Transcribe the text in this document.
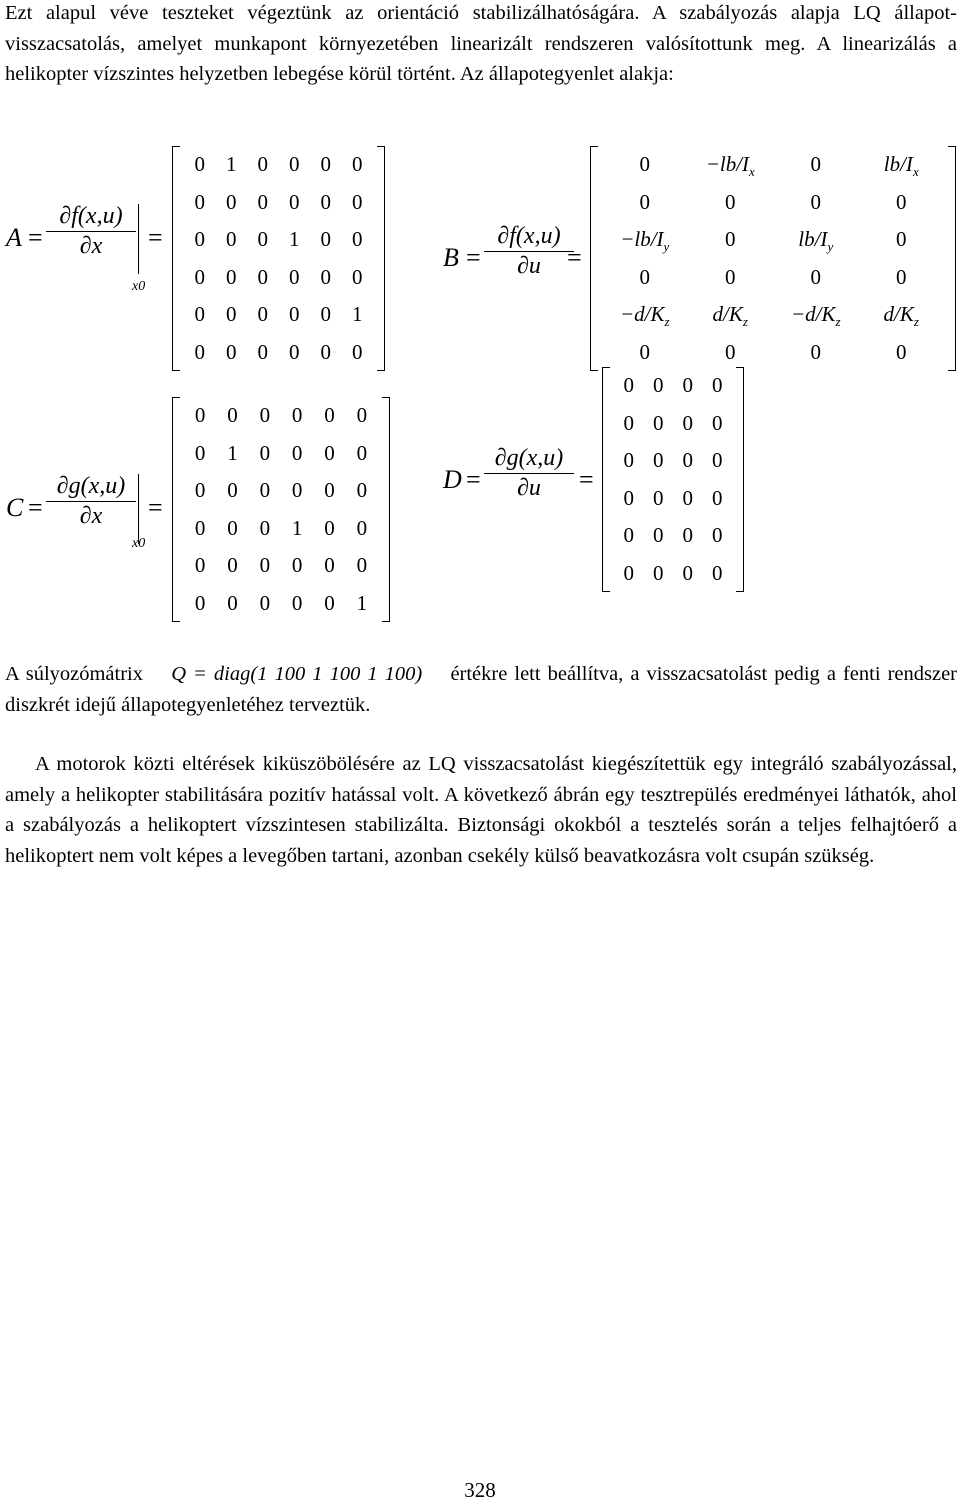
Ezt alapul véve teszteket végeztünk az orientáció stabilizálhatóságára. A szabályozás alapja LQ állapot-visszacsatolás, amelyet munkapont környezetében linearizált rendszeren valósítottunk meg. A linearizálás a helikopter vízszintes helyzetben lebegése körül történt. Az állapotegyenlet alakja:

A =
∂f(x,u)
∂x
x0
=
0	1	0	0	0	0
0	0	0	0	0	0
0	0	0	1	0	0
0	0	0	0	0	0
0	0	0	0	0	1
0	0	0	0	0	0
B =
∂f(x,u)
∂u	=
0	$-lb/I_x$	0	$lb/I_x$
0	0	0	0
$-lb/I_y$	0	$lb/I_y$	0
0	0	0	0
$-d/K_z$	$d/K_z$	$-d/K_z$	$d/K_z$
0	0	0	0
C =
∂g(x,u)
∂x
x0
=
0	0	0	0	0	0
0	1	0	0	0	0
0	0	0	0	0	0
0	0	0	1	0	0
0	0	0	0	0	0
0	0	0	0	0	1
D =
∂g(x,u)
∂u	=
0 0 0 0
0 0 0 0
0 0 0 0
0 0 0 0
0 0 0 0
0 0 0 0

A súlyozómátrix Q = diag(1 100 1 100 1 100) értékre lett beállítva, a visszacsatolást pedig a fenti rendszer diszkrét idejű állapotegyenletéhez terveztük.

A motorok közti eltérések kiküszöbölésére az LQ visszacsatolást kiegészítettük egy integráló szabályozással, amely a helikopter stabilitására pozitív hatással volt. A következő ábrán egy tesztrepülés eredményei láthatók, ahol a szabályozás a helikoptert vízszintesen stabilizálta. Biztonsági okokból a tesztelés során a teljes felhajtóerő a helikoptert nem volt képes a levegőben tartani, azonban csekély külső beavatkozásra volt csupán szükség.

328
